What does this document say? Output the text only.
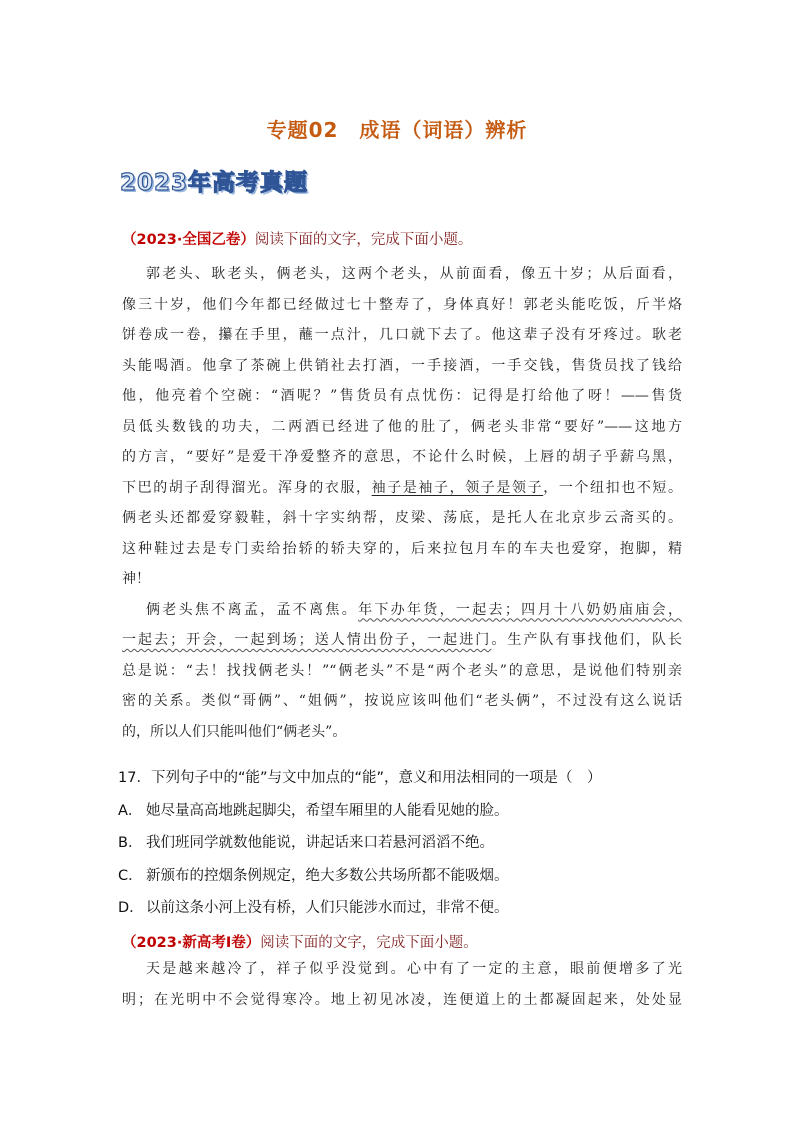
专题02　成语（词语）辨析
2023年高考真题
（2023·全国乙卷）阅读下面的文字，完成下面小题。
郭老头、耿老头，俩老头，这两个老头，从前面看，像五十岁；从后面看，
像三十岁，他们今年都已经做过七十整寿了，身体真好！郭老头能吃饭，斤半烙
饼卷成一卷，攥在手里，蘸一点汁，几口就下去了。他这辈子没有牙疼过。耿老
头能喝酒。他拿了茶碗上供销社去打酒，一手接酒，一手交钱，售货员找了钱给
他，他亮着个空碗：“酒呢？”售货员有点忧伤：记得是打给他了呀！——售货
员低头数钱的功夫，二两酒已经进了他的肚了，俩老头非常“要好”——这地方
的方言，“要好”是爱干净爱整齐的意思，不论什么时候，上唇的胡子乎薪乌黑，
下巴的胡子刮得溜光。浑身的衣服，袖子是袖子，领子是领子，一个纽扣也不短。
俩老头还都爱穿毅鞋，斜十字实纳帮，皮梁、荡底，是托人在北京步云斋买的。
这种鞋过去是专门卖给抬轿的轿夫穿的，后来拉包月车的车夫也爱穿，抱脚，精
神！
俩老头焦不离孟，孟不离焦。年下办年货，一起去；四月十八奶奶庙庙会，
一起去；开会，一起到场；送人情出份子，一起进门。生产队有事找他们，队长
总是说：“去！找找俩老头！”“俩老头”不是“两个老头”的意思，是说他们特别亲
密的关系。类似“哥俩”、“姐俩”，按说应该叫他们“老头俩”，不过没有这么说话
的，所以人们只能叫他们“俩老头”。
17．下列句子中的“能”与文中加点的“能”，意义和用法相同的一项是（　）
A． 她尽量高高地跳起脚尖，希望车厢里的人能看见她的脸。
B． 我们班同学就数他能说，讲起话来口若悬河滔滔不绝。
C． 新颁布的控烟条例规定，绝大多数公共场所都不能吸烟。
D． 以前这条小河上没有桥，人们只能涉水而过，非常不便。
（2023·新高考Ⅰ卷）阅读下面的文字，完成下面小题。
天是越来越冷了，祥子似乎没觉到。心中有了一定的主意，眼前便增多了光
明；在光明中不会觉得寒冷。地上初见冰凌，连便道上的土都凝固起来，处处显
